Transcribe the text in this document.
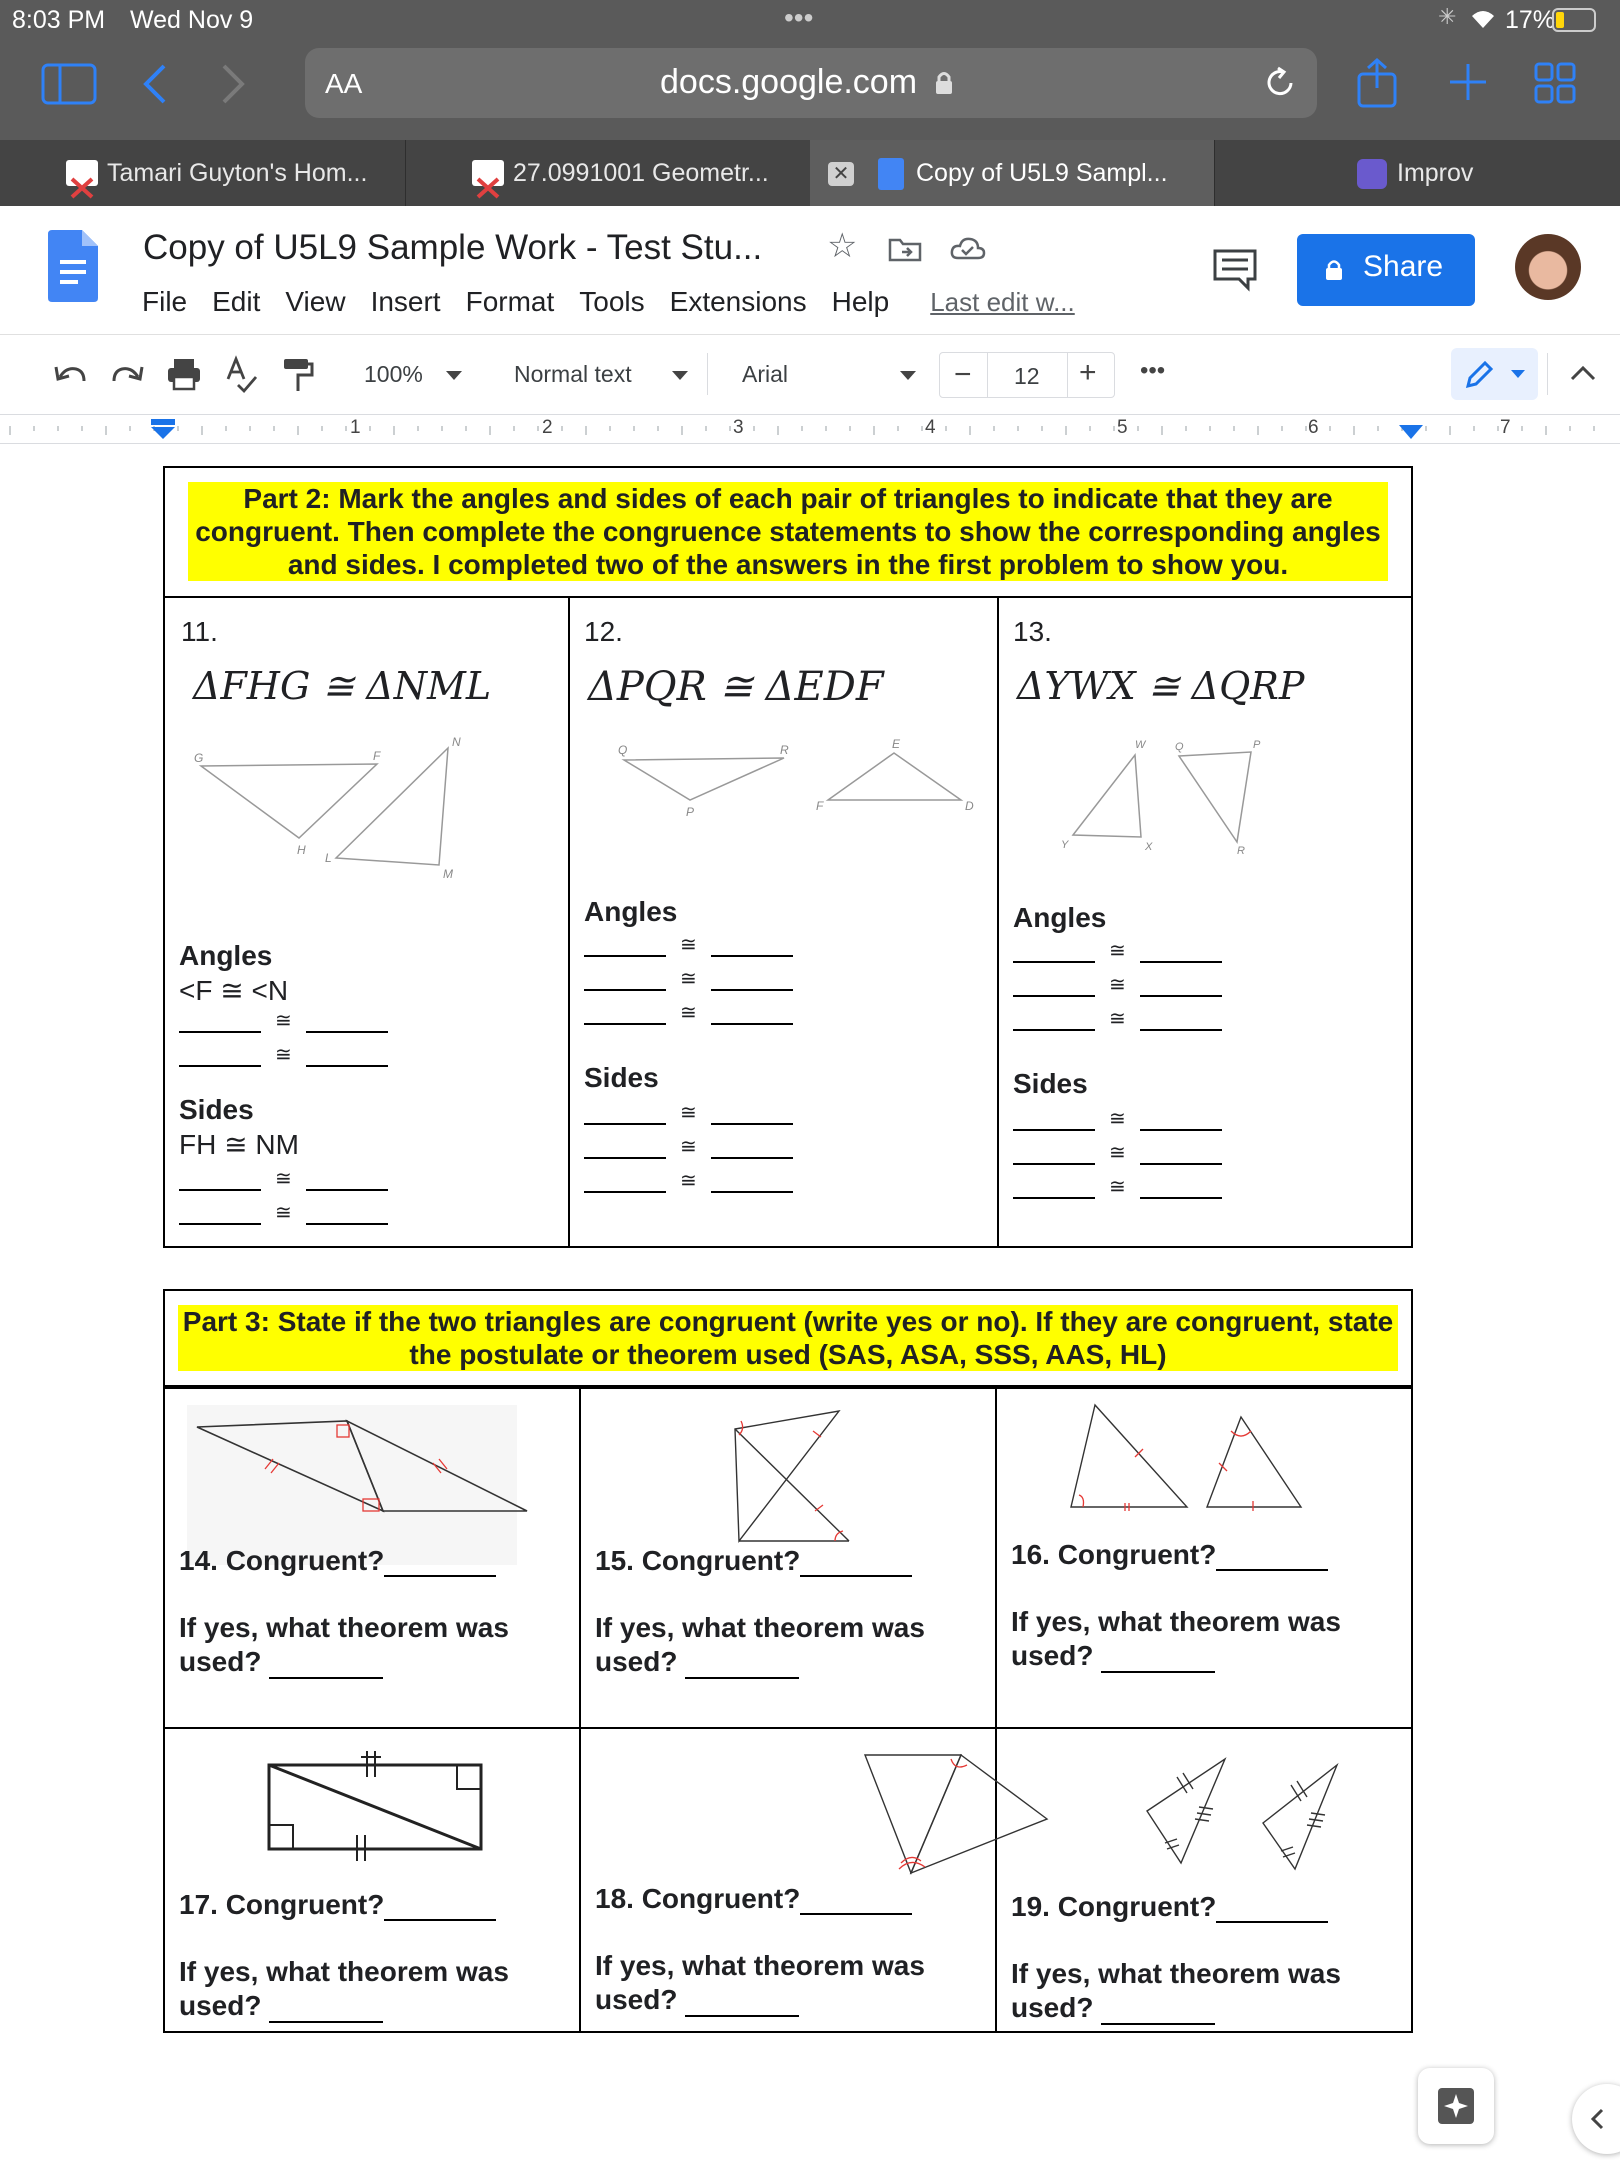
8:03 PM Wed Nov 9	•••	✳ 17%
AA	docs.google.com
Tamari Guyton's Hom...	27.0991001 Geometr...	✕	Copy of U5L9 Sampl...	Improv
Copy of U5L9 Sample Work - Test Stu... ☆
File Edit View Insert Format Tools Extensions Help Last edit w...
Share
100%	Normal text	Arial	− 12 + •••
1	2	3	4	5	6	7
Part 2: Mark the angles and sides of each pair of triangles to indicate that they are congruent. Then complete the congruence statements to show the corresponding angles and sides. I completed two of the answers in the first problem to show you.
11.
ΔFHG ≅ ΔNML
G	F
H
N
L
M
Angles
<F ≅ <N
≅
≅
Sides
FH ≅ NM
≅
≅
12.
ΔPQR ≅ ΔEDF
Q	R
P
E
F	D
Angles
≅
≅
≅
Sides
≅
≅
≅
13.
ΔYWX ≅ ΔQRP
W	Q	P
Y	X	R
Angles
≅
≅
≅
Sides
≅
≅
≅
Part 3: State if the two triangles are congruent (write yes or no). If they are congruent, state the postulate or theorem used (SAS, ASA, SSS, AAS, HL)
14. Congruent?
If yes, what theorem was used?
15. Congruent?
If yes, what theorem was used?
16. Congruent?
If yes, what theorem was used?
17. Congruent?
If yes, what theorem was used?
18. Congruent?
If yes, what theorem was used?
19. Congruent?
If yes, what theorem was used?
